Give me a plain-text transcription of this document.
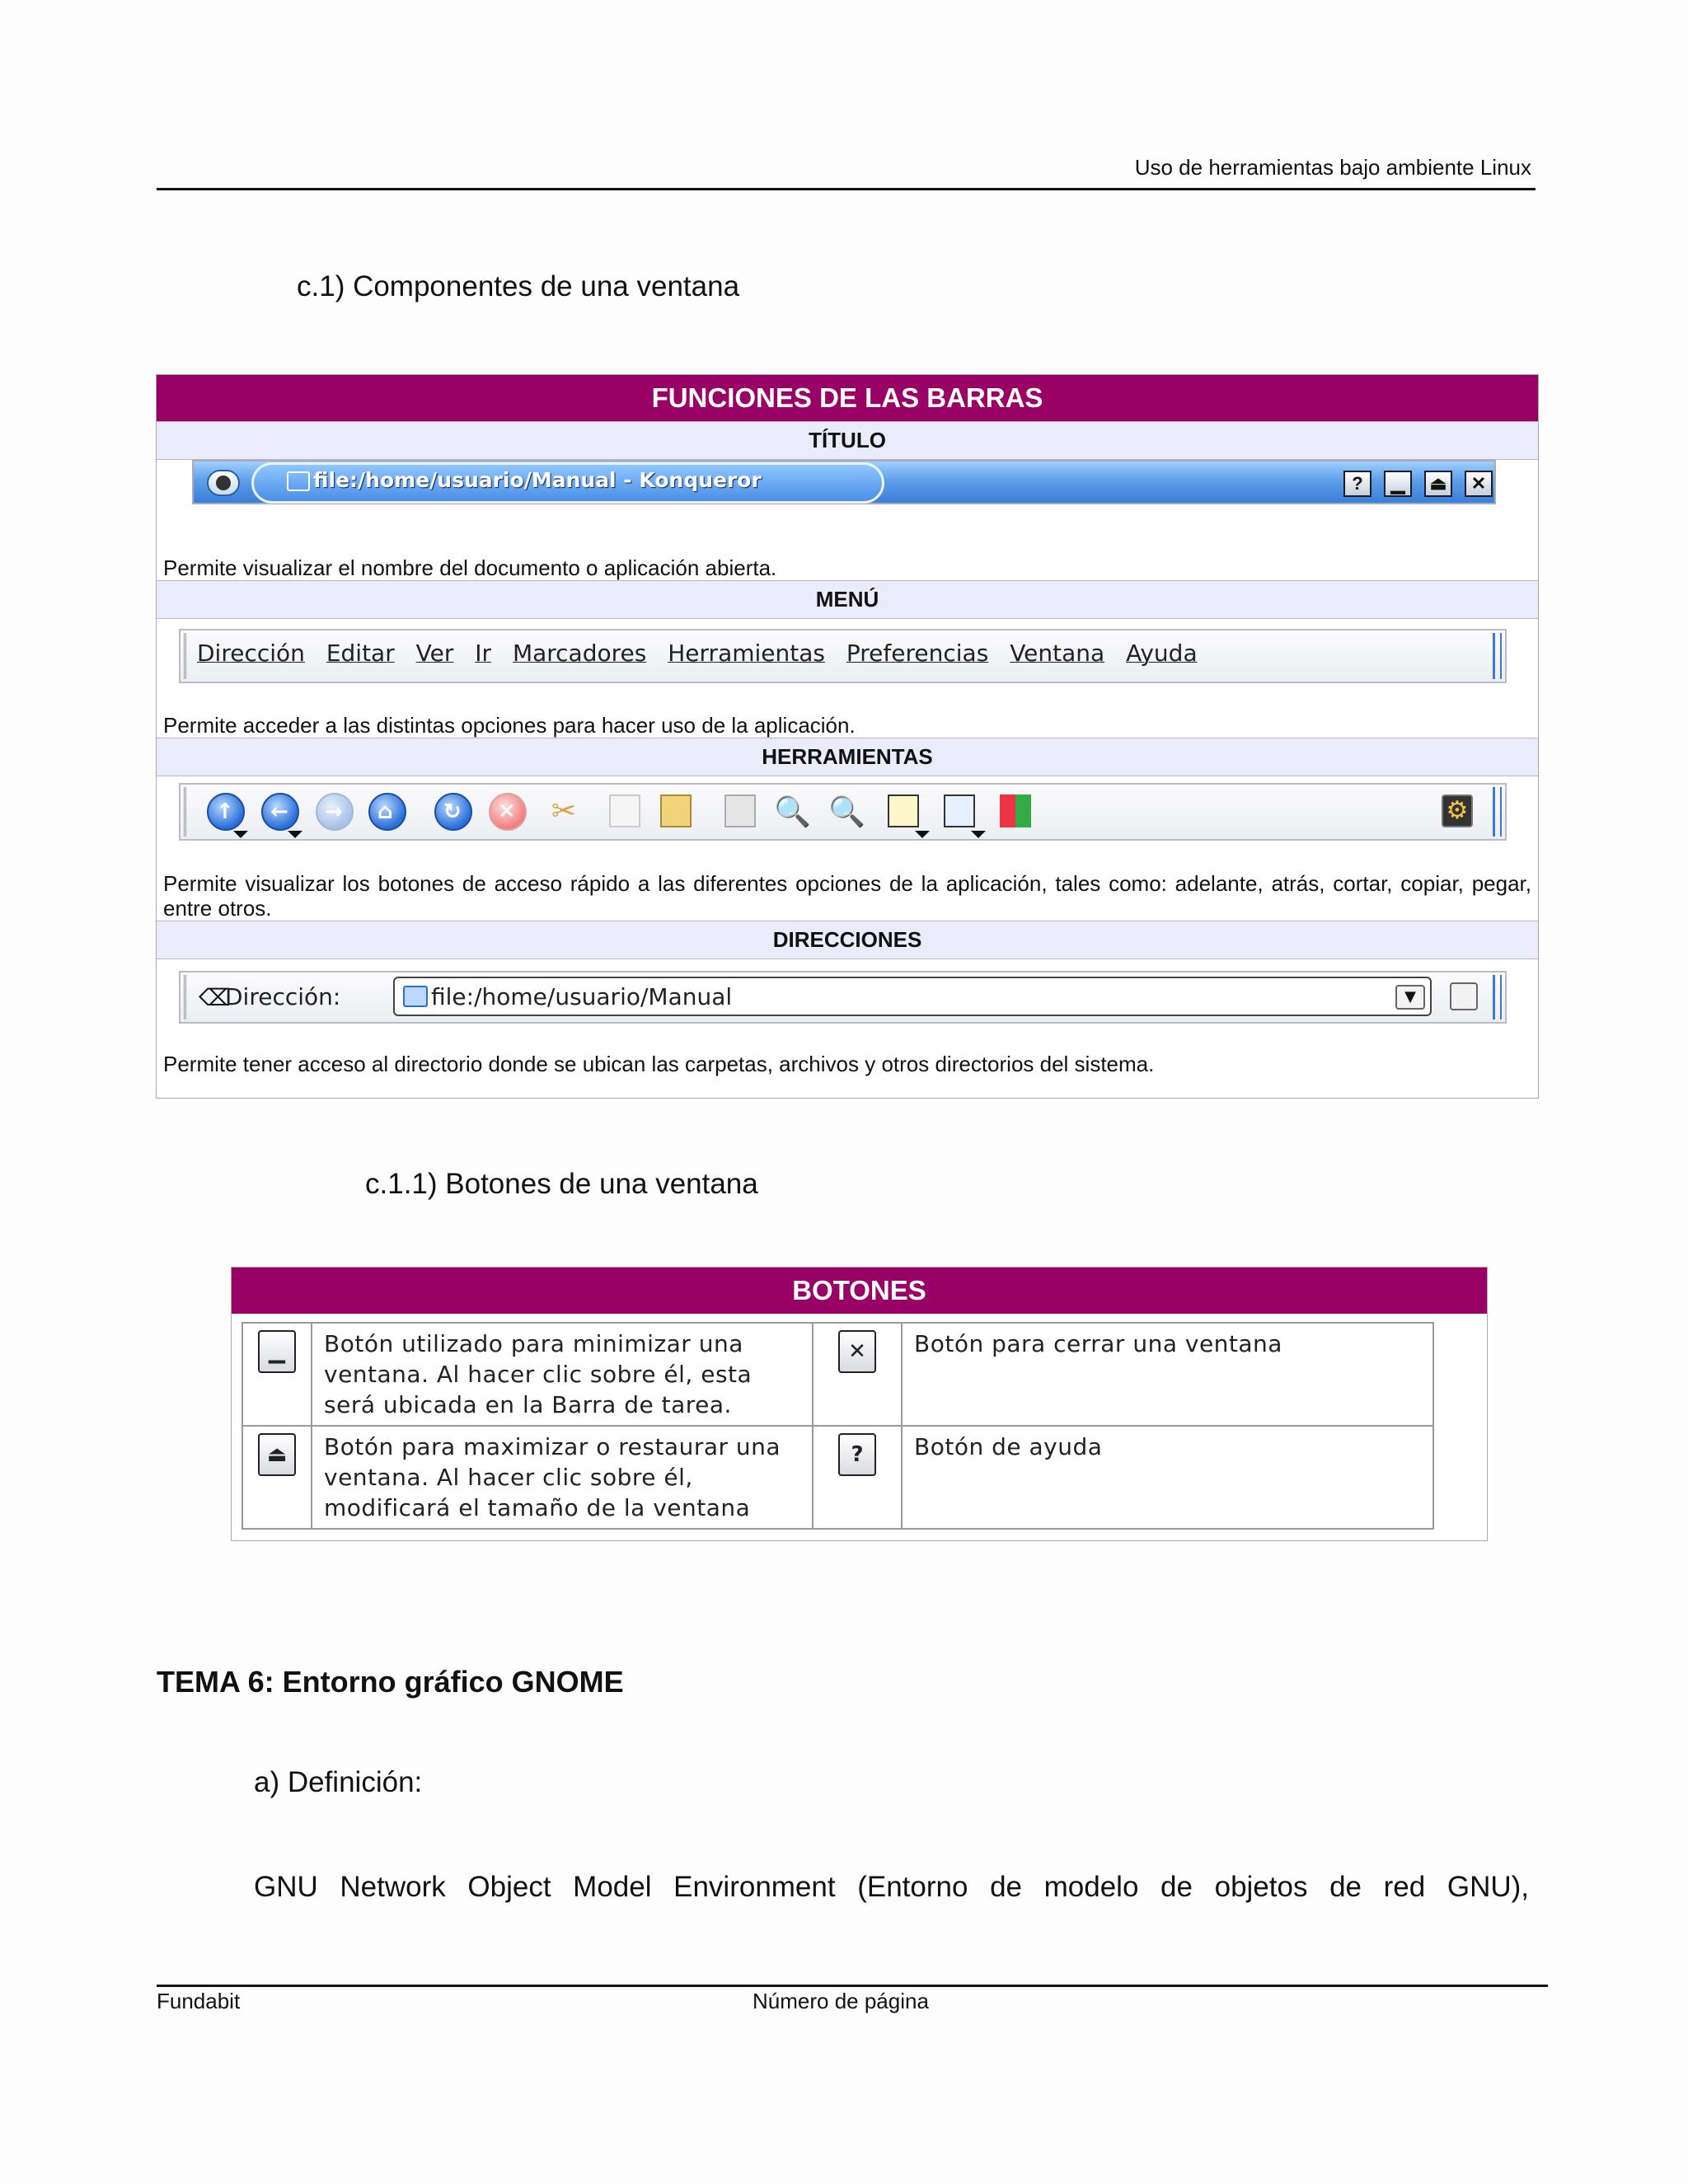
Uso de herramientas bajo ambiente Linux
c.1) Componentes de una ventana
FUNCIONES DE LAS BARRAS
TÍTULO
file:/home/usuario/Manual - Konqueror	?	▁	⏏	✕
Permite visualizar el nombre del documento o aplicación abierta.
MENÚ
Dirección Editar Ver Ir Marcadores Herramientas Preferencias Ventana Ayuda
Permite acceder a las distintas opciones para hacer uso de la aplicación.
HERRAMIENTAS
↑ ← → ⌂ ↻ ✕ ✂	🔍 🔍	⚙
Permite visualizar los botones de acceso rápido a las diferentes opciones de la aplicación, tales como: adelante, atrás, cortar, copiar, pegar, entre otros.
DIRECCIONES
⌫
Dirección:	file:/home/usuario/Manual	▼
Permite tener acceso al directorio donde se ubican las carpetas, archivos y otros directorios del sistema.
c.1.1) Botones de una ventana
BOTONES
▁	Botón utilizado para minimizar una ventana. Al hacer clic sobre él, esta será ubicada en la Barra de tarea.	✕	Botón para cerrar una ventana
⏏	Botón para maximizar o restaurar una ventana. Al hacer clic sobre él, modificará el tamaño de la ventana	?	Botón de ayuda
TEMA 6: Entorno gráfico GNOME
a) Definición:
GNU Network Object Model Environment (Entorno de modelo de objetos de red GNU),
Fundabit	Número de página
